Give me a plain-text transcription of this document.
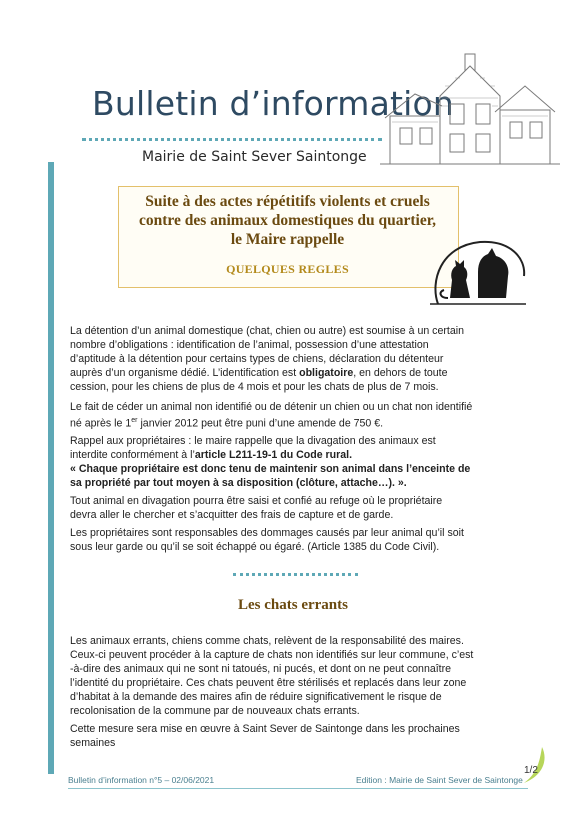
Bulletin d’information
Mairie de Saint Sever Saintonge
Suite à des actes répétitifs violents et cruels
contre des animaux domestiques du quartier,
le Maire rappelle
QUELQUES REGLES
La détention d’un animal domestique (chat, chien ou autre) est soumise à un certain
nombre d’obligations : identification de l’animal, possession d’une attestation
d’aptitude à la détention pour certains types de chiens, déclaration du détenteur
auprès d’un organisme dédié. L’identification est obligatoire, en dehors de toute
cession, pour les chiens de plus de 4 mois et pour les chats de plus de 7 mois.
Le fait de céder un animal non identifié ou de détenir un chien ou un chat non identifié
né après le 1er janvier 2012 peut être puni d’une amende de 750 €.
Rappel aux propriétaires : le maire rappelle que la divagation des animaux est
interdite conformément à l’article L211-19-1 du Code rural.
« Chaque propriétaire est donc tenu de maintenir son animal dans l’enceinte de
sa propriété par tout moyen à sa disposition (clôture, attache…). ».
Tout animal en divagation pourra être saisi et confié au refuge où le propriétaire
devra aller le chercher et s’acquitter des frais de capture et de garde.
Les propriétaires sont responsables des dommages causés par leur animal qu’il soit
sous leur garde ou qu’il se soit échappé ou égaré. (Article 1385 du Code Civil).
Les chats errants
Les animaux errants, chiens comme chats, relèvent de la responsabilité des maires.
Ceux-ci peuvent procéder à la capture de chats non identifiés sur leur commune, c’est
-à-dire des animaux qui ne sont ni tatoués, ni pucés, et dont on ne peut connaître
l’identité du propriétaire. Ces chats peuvent être stérilisés et replacés dans leur zone
d’habitat à la demande des maires afin de réduire significativement le risque de
recolonisation de la commune par de nouveaux chats errants.
Cette mesure sera mise en œuvre à Saint Sever de Saintonge dans les prochaines
semaines
Bulletin d’information n°5 – 02/06/2021	Edition : Mairie de Saint Sever de Saintonge
1/2
